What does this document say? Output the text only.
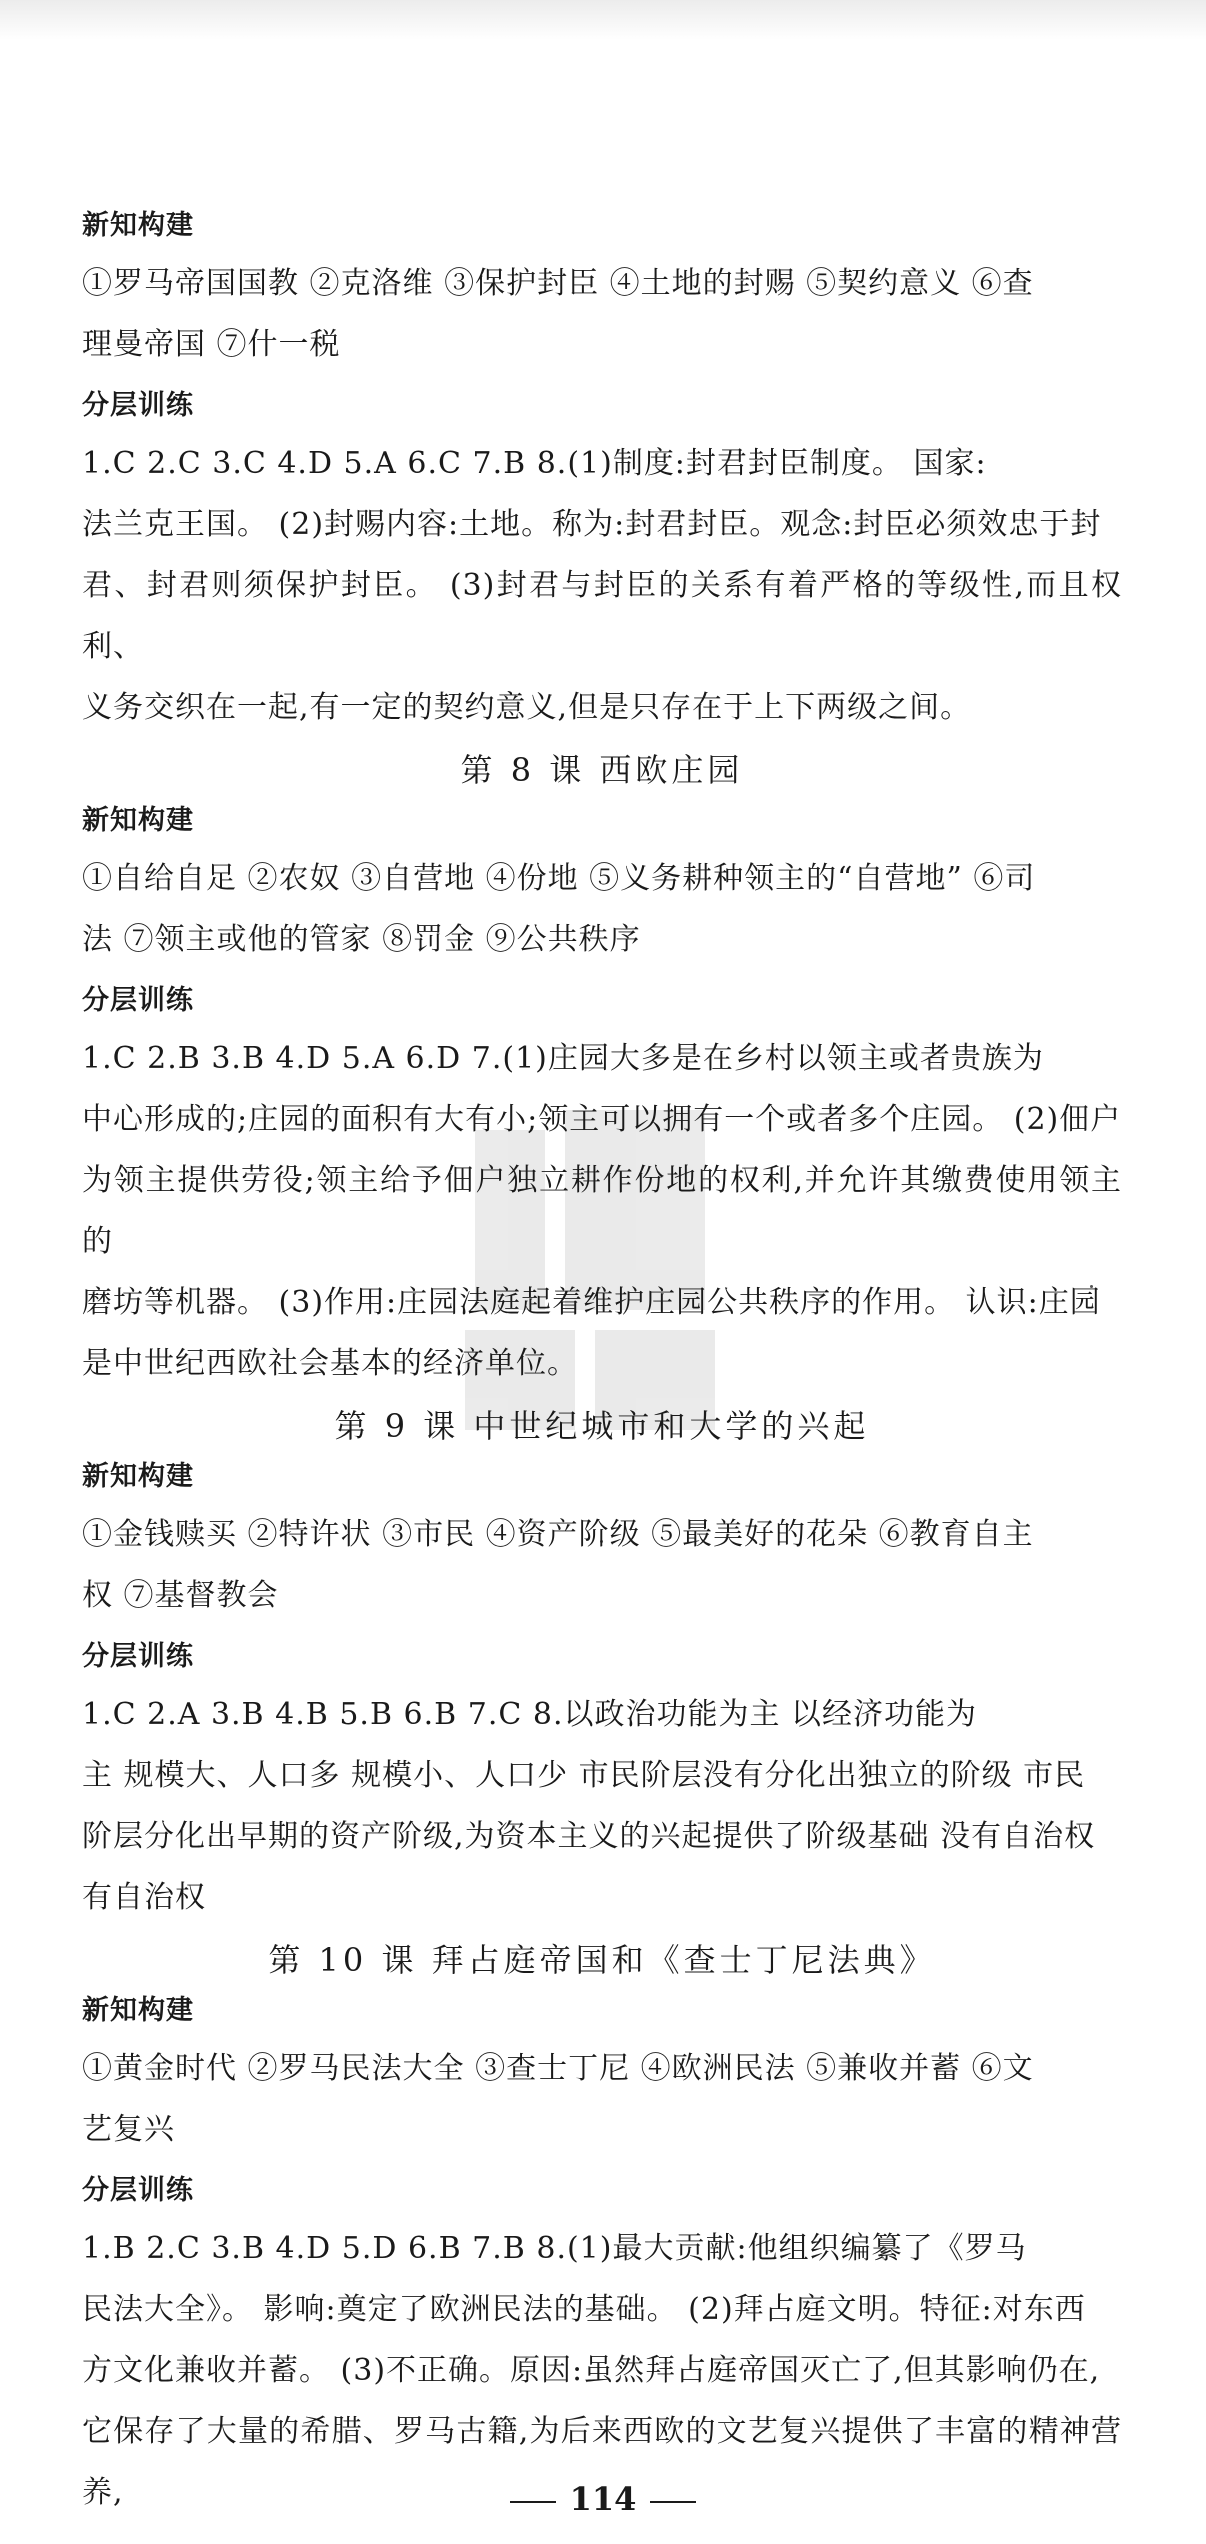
新知构建

①罗马帝国国教 ②克洛维 ③保护封臣 ④土地的封赐 ⑤契约意义 ⑥查

理曼帝国 ⑦什一税

分层训练

1.C 2.C 3.C 4.D 5.A 6.C 7.B 8.(1)制度:封君封臣制度。 国家:

法兰克王国。 (2)封赐内容:土地。称为:封君封臣。观念:封臣必须效忠于封

君、封君则须保护封臣。 (3)封君与封臣的关系有着严格的等级性,而且权利、

义务交织在一起,有一定的契约意义,但是只存在于上下两级之间。

第 8 课 西欧庄园
新知构建

①自给自足 ②农奴 ③自营地 ④份地 ⑤义务耕种领主的“自营地” ⑥司

法 ⑦领主或他的管家 ⑧罚金 ⑨公共秩序

分层训练

1.C 2.B 3.B 4.D 5.A 6.D 7.(1)庄园大多是在乡村以领主或者贵族为

中心形成的;庄园的面积有大有小;领主可以拥有一个或者多个庄园。 (2)佃户

为领主提供劳役;领主给予佃户独立耕作份地的权利,并允许其缴费使用领主的

磨坊等机器。 (3)作用:庄园法庭起着维护庄园公共秩序的作用。 认识:庄园

是中世纪西欧社会基本的经济单位。

第 9 课 中世纪城市和大学的兴起
新知构建

①金钱赎买 ②特许状 ③市民 ④资产阶级 ⑤最美好的花朵 ⑥教育自主

权 ⑦基督教会

分层训练

1.C 2.A 3.B 4.B 5.B 6.B 7.C 8.以政治功能为主 以经济功能为

主 规模大、人口多 规模小、人口少 市民阶层没有分化出独立的阶级 市民

阶层分化出早期的资产阶级,为资本主义的兴起提供了阶级基础 没有自治权

有自治权

第 10 课 拜占庭帝国和《查士丁尼法典》
新知构建

①黄金时代 ②罗马民法大全 ③查士丁尼 ④欧洲民法 ⑤兼收并蓄 ⑥文

艺复兴

分层训练

1.B 2.C 3.B 4.D 5.D 6.B 7.B 8.(1)最大贡献:他组织编纂了《罗马

民法大全》。 影响:奠定了欧洲民法的基础。 (2)拜占庭文明。特征:对东西

方文化兼收并蓄。 (3)不正确。原因:虽然拜占庭帝国灭亡了,但其影响仍在,

它保存了大量的希腊、罗马古籍,为后来西欧的文艺复兴提供了丰富的精神营养,	114
